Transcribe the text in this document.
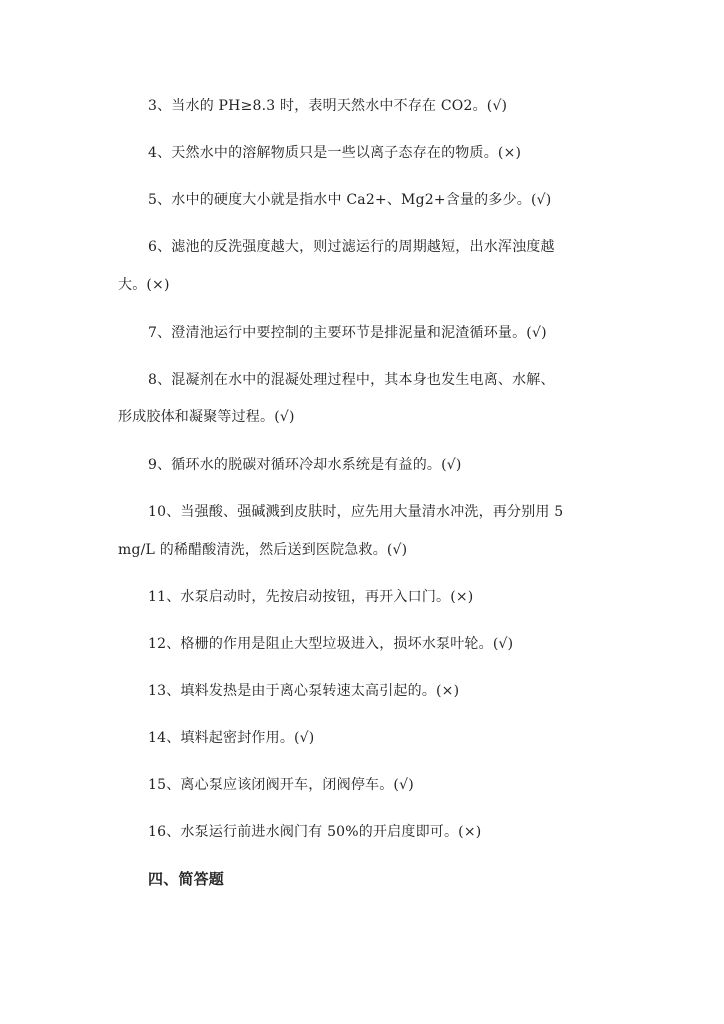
3、当水的 PH≥8.3 时，表明天然水中不存在 CO2。(√)
4、天然水中的溶解物质只是一些以离子态存在的物质。(×)
5、水中的硬度大小就是指水中 Ca2+、Mg2+含量的多少。(√)
6、滤池的反洗强度越大，则过滤运行的周期越短，出水浑浊度越
大。(×)
7、澄清池运行中要控制的主要环节是排泥量和泥渣循环量。(√)
8、混凝剂在水中的混凝处理过程中，其本身也发生电离、水解、
形成胶体和凝聚等过程。(√)
9、循环水的脱碳对循环冷却水系统是有益的。(√)
10、当强酸、强碱溅到皮肤时，应先用大量清水冲洗，再分别用 5
mg/L 的稀醋酸清洗，然后送到医院急救。(√)
11、水泵启动时，先按启动按钮，再开入口门。(×)
12、格栅的作用是阻止大型垃圾进入，损坏水泵叶轮。(√)
13、填料发热是由于离心泵转速太高引起的。(×)
14、填料起密封作用。(√)
15、离心泵应该闭阀开车，闭阀停车。(√)
16、水泵运行前进水阀门有 50%的开启度即可。(×)
四、简答题
